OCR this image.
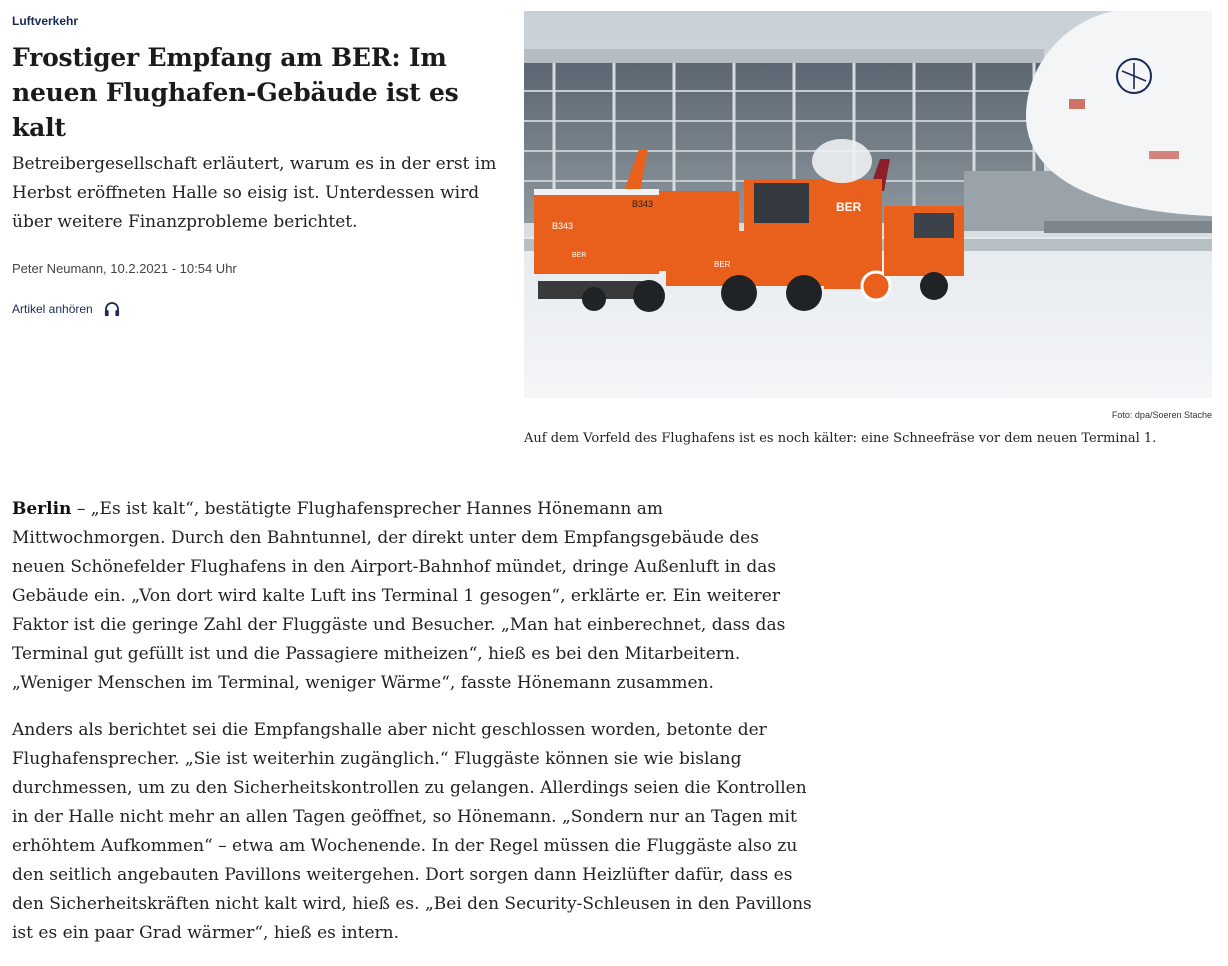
Luftverkehr
Frostiger Empfang am BER: Im neuen Flughafen-Gebäude ist es kalt

Betreibergesellschaft erläutert, warum es in der erst im Herbst eröffneten Halle so eisig ist. Unterdessen wird über weitere Finanzprobleme berichtet.

Peter Neumann, 10.2.2021 - 10:54 Uhr
Artikel anhören
B343
B343
BER
BER
BER
Foto: dpa/Soeren Stache
Auf dem Vorfeld des Flughafens ist es noch kälter: eine Schneefräse vor dem neuen Terminal 1.

Berlin – „Es ist kalt“, bestätigte Flughafensprecher Hannes Hönemann am Mittwochmorgen. Durch den Bahntunnel, der direkt unter dem Empfangsgebäude des neuen Schönefelder Flughafens in den Airport-Bahnhof mündet, dringe Außenluft in das Gebäude ein. „Von dort wird kalte Luft ins Terminal 1 gesogen“, erklärte er. Ein weiterer Faktor ist die geringe Zahl der Fluggäste und Besucher. „Man hat einberechnet, dass das Terminal gut gefüllt ist und die Passagiere mitheizen“, hieß es bei den Mitarbeitern. „Weniger Menschen im Terminal, weniger Wärme“, fasste Hönemann zusammen.

Anders als berichtet sei die Empfangshalle aber nicht geschlossen worden, betonte der Flughafensprecher. „Sie ist weiterhin zugänglich.“ Fluggäste können sie wie bislang durchmessen, um zu den Sicherheitskontrollen zu gelangen. Allerdings seien die Kontrollen in der Halle nicht mehr an allen Tagen geöffnet, so Hönemann. „Sondern nur an Tagen mit erhöhtem Aufkommen“ – etwa am Wochenende. In der Regel müssen die Fluggäste also zu den seitlich angebauten Pavillons weitergehen. Dort sorgen dann Heizlüfter dafür, dass es den Sicherheitskräften nicht kalt wird, hieß es. „Bei den Security-Schleusen in den Pavillons ist es ein paar Grad wärmer“, hieß es intern.
